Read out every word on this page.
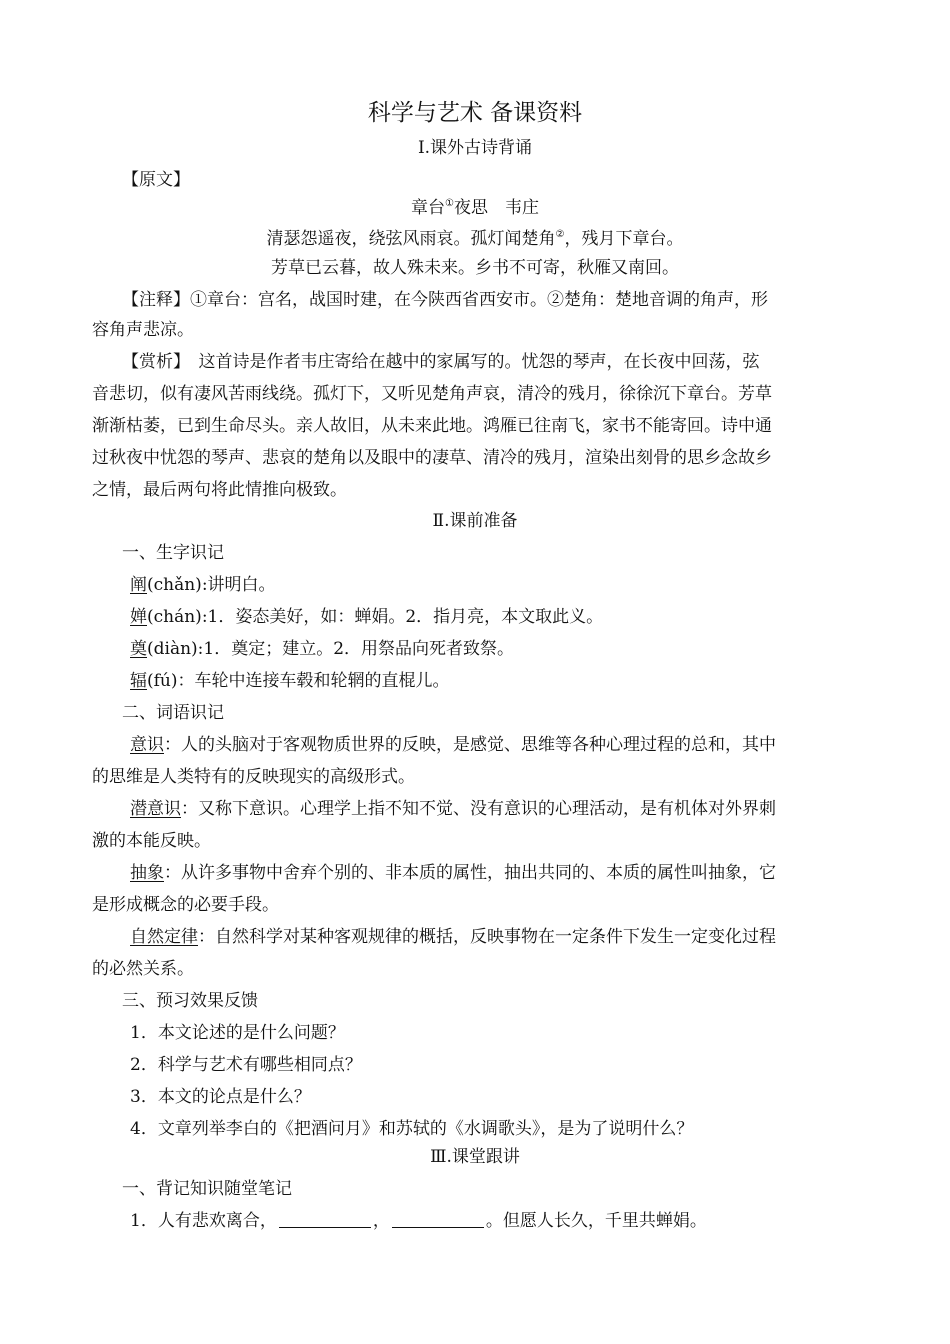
科学与艺术 备课资料
Ⅰ.课外古诗背诵
【原文】
章台①夜思　韦庄
清瑟怨遥夜，绕弦风雨哀。孤灯闻楚角②，残月下章台。
芳草已云暮，故人殊未来。乡书不可寄，秋雁又南回。
【注释】①章台：宫名，战国时建，在今陕西省西安市。②楚角：楚地音调的角声，形
容角声悲凉。
【赏析】　这首诗是作者韦庄寄给在越中的家属写的。忧怨的琴声，在长夜中回荡，弦
音悲切，似有凄风苦雨线绕。孤灯下，又听见楚角声哀，清冷的残月，徐徐沉下章台。芳草
渐渐枯萎，已到生命尽头。亲人故旧，从未来此地。鸿雁已往南飞，家书不能寄回。诗中通
过秋夜中忧怨的琴声、悲哀的楚角以及眼中的凄草、清冷的残月，渲染出刻骨的思乡念故乡
之情，最后两句将此情推向极致。
Ⅱ.课前准备
一、生字识记
阐(chǎn):讲明白。
婵(chán):1．姿态美好，如：蝉娟。2．指月亮，本文取此义。
奠(diàn):1．奠定；建立。2．用祭品向死者致祭。
辐(fú)：车轮中连接车毂和轮辋的直棍儿。
二、词语识记
意识：人的头脑对于客观物质世界的反映，是感觉、思维等各种心理过程的总和，其中
的思维是人类特有的反映现实的高级形式。
潜意识：又称下意识。心理学上指不知不觉、没有意识的心理活动，是有机体对外界刺
激的本能反映。
抽象：从许多事物中舍弃个别的、非本质的属性，抽出共同的、本质的属性叫抽象，它
是形成概念的必要手段。
自然定律：自然科学对某种客观规律的概括，反映事物在一定条件下发生一定变化过程
的必然关系。
三、预习效果反馈
1．本文论述的是什么问题？
2．科学与艺术有哪些相同点？
3．本文的论点是什么？
4．文章列举李白的《把酒问月》和苏轼的《水调歌头》，是为了说明什么？
Ⅲ.课堂跟讲
一、背记知识随堂笔记
1．人有悲欢离合，	，	。但愿人长久，千里共蝉娟。
